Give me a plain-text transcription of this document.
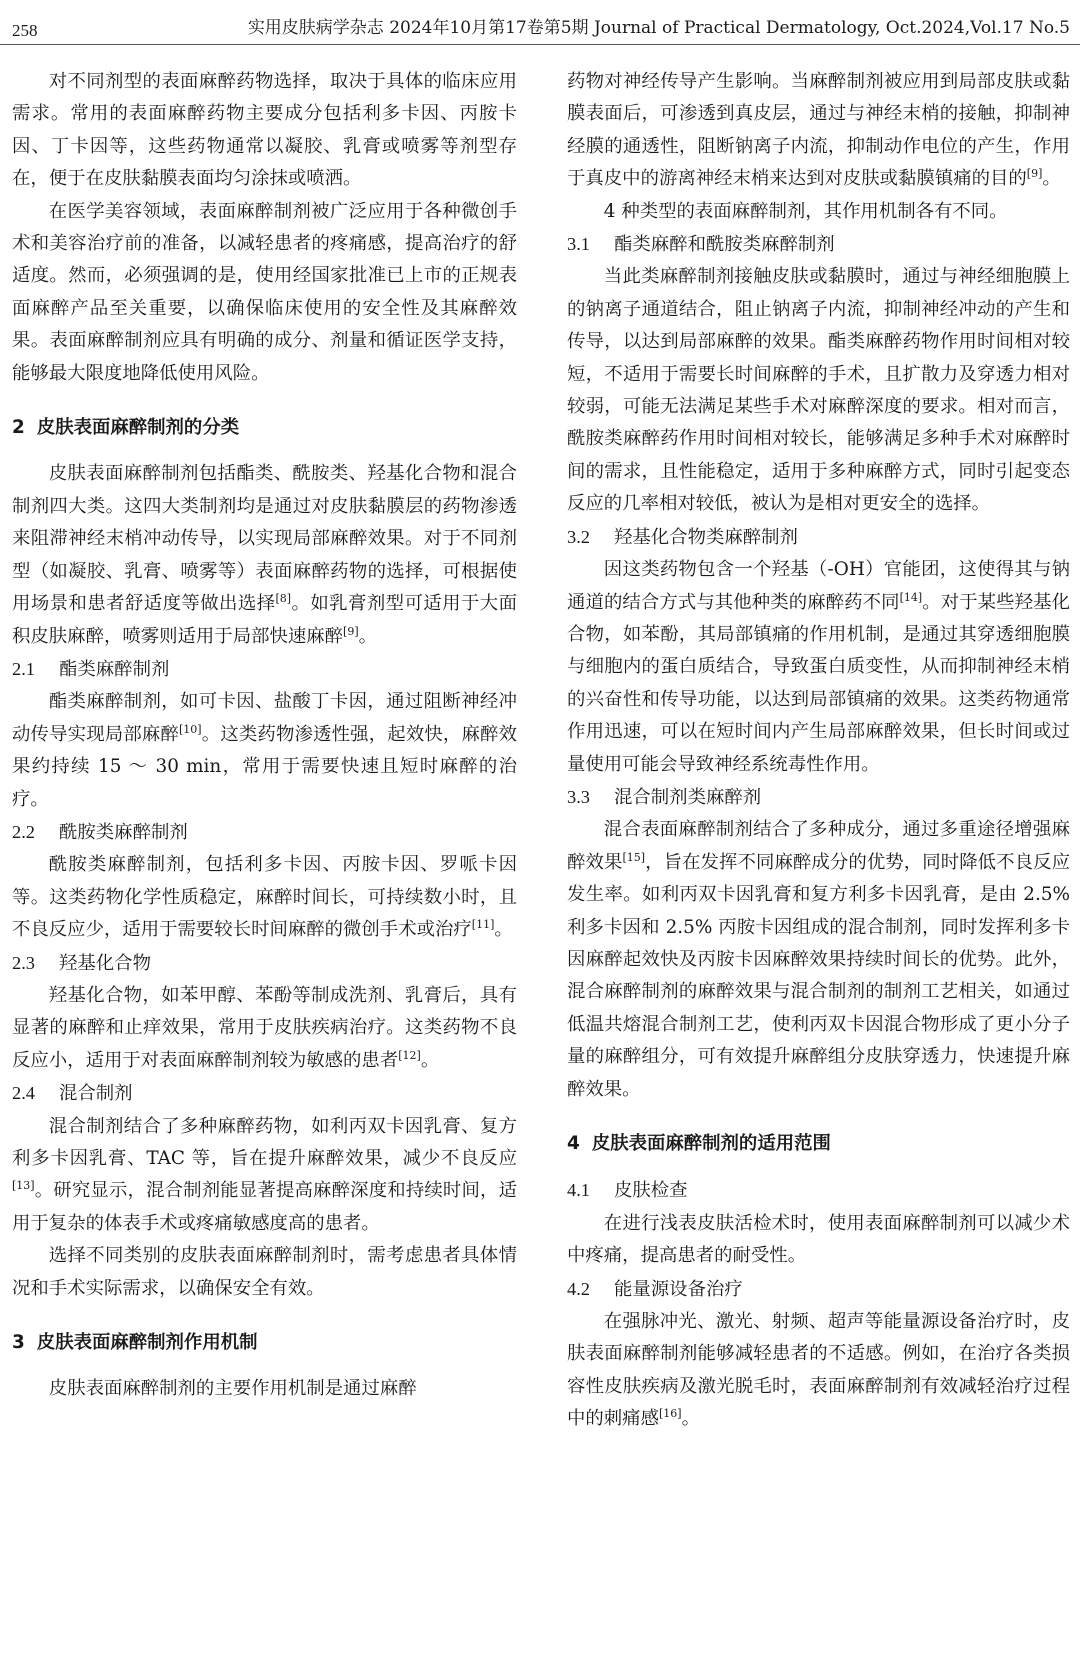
258	实用皮肤病学杂志 2024年10月第17卷第5期 Journal of Practical Dermatology, Oct.2024,Vol.17 No.5

对不同剂型的表面麻醉药物选择，取决于具体的临床应用需求。常用的表面麻醉药物主要成分包括利多卡因、丙胺卡因、丁卡因等，这些药物通常以凝胶、乳膏或喷雾等剂型存在，便于在皮肤黏膜表面均匀涂抹或喷洒。

在医学美容领域，表面麻醉制剂被广泛应用于各种微创手术和美容治疗前的准备，以减轻患者的疼痛感，提高治疗的舒适度。然而，必须强调的是，使用经国家批准已上市的正规表面麻醉产品至关重要，以确保临床使用的安全性及其麻醉效果。表面麻醉制剂应具有明确的成分、剂量和循证医学支持，能够最大限度地降低使用风险。

2 皮肤表面麻醉制剂的分类

皮肤表面麻醉制剂包括酯类、酰胺类、羟基化合物和混合制剂四大类。这四大类制剂均是通过对皮肤黏膜层的药物渗透来阻滞神经末梢冲动传导，以实现局部麻醉效果。对于不同剂型（如凝胶、乳膏、喷雾等）表面麻醉药物的选择，可根据使用场景和患者舒适度等做出选择[8]。如乳膏剂型可适用于大面积皮肤麻醉，喷雾则适用于局部快速麻醉[9]。

2.1 酯类麻醉制剂

酯类麻醉制剂，如可卡因、盐酸丁卡因，通过阻断神经冲动传导实现局部麻醉[10]。这类药物渗透性强，起效快，麻醉效果约持续 15 ～ 30 min，常用于需要快速且短时麻醉的治疗。

2.2 酰胺类麻醉制剂

酰胺类麻醉制剂，包括利多卡因、丙胺卡因、罗哌卡因等。这类药物化学性质稳定，麻醉时间长，可持续数小时，且不良反应少，适用于需要较长时间麻醉的微创手术或治疗[11]。

2.3 羟基化合物

羟基化合物，如苯甲醇、苯酚等制成洗剂、乳膏后，具有显著的麻醉和止痒效果，常用于皮肤疾病治疗。这类药物不良反应小，适用于对表面麻醉制剂较为敏感的患者[12]。

2.4 混合制剂

混合制剂结合了多种麻醉药物，如利丙双卡因乳膏、复方利多卡因乳膏、TAC 等，旨在提升麻醉效果，减少不良反应[13]。研究显示，混合制剂能显著提高麻醉深度和持续时间，适用于复杂的体表手术或疼痛敏感度高的患者。

选择不同类别的皮肤表面麻醉制剂时，需考虑患者具体情况和手术实际需求，以确保安全有效。

3 皮肤表面麻醉制剂作用机制

皮肤表面麻醉制剂的主要作用机制是通过麻醉

药物对神经传导产生影响。当麻醉制剂被应用到局部皮肤或黏膜表面后，可渗透到真皮层，通过与神经末梢的接触，抑制神经膜的通透性，阻断钠离子内流，抑制动作电位的产生，作用于真皮中的游离神经末梢来达到对皮肤或黏膜镇痛的目的[9]。

4 种类型的表面麻醉制剂，其作用机制各有不同。

3.1 酯类麻醉和酰胺类麻醉制剂

当此类麻醉制剂接触皮肤或黏膜时，通过与神经细胞膜上的钠离子通道结合，阻止钠离子内流，抑制神经冲动的产生和传导，以达到局部麻醉的效果。酯类麻醉药物作用时间相对较短，不适用于需要长时间麻醉的手术，且扩散力及穿透力相对较弱，可能无法满足某些手术对麻醉深度的要求。相对而言，酰胺类麻醉药作用时间相对较长，能够满足多种手术对麻醉时间的需求，且性能稳定，适用于多种麻醉方式，同时引起变态反应的几率相对较低，被认为是相对更安全的选择。

3.2 羟基化合物类麻醉制剂

因这类药物包含一个羟基（-OH）官能团，这使得其与钠通道的结合方式与其他种类的麻醉药不同[14]。对于某些羟基化合物，如苯酚，其局部镇痛的作用机制，是通过其穿透细胞膜与细胞内的蛋白质结合，导致蛋白质变性，从而抑制神经末梢的兴奋性和传导功能，以达到局部镇痛的效果。这类药物通常作用迅速，可以在短时间内产生局部麻醉效果，但长时间或过量使用可能会导致神经系统毒性作用。

3.3 混合制剂类麻醉剂

混合表面麻醉制剂结合了多种成分，通过多重途径增强麻醉效果[15]，旨在发挥不同麻醉成分的优势，同时降低不良反应发生率。如利丙双卡因乳膏和复方利多卡因乳膏，是由 2.5% 利多卡因和 2.5% 丙胺卡因组成的混合制剂，同时发挥利多卡因麻醉起效快及丙胺卡因麻醉效果持续时间长的优势。此外，混合麻醉制剂的麻醉效果与混合制剂的制剂工艺相关，如通过低温共熔混合制剂工艺，使利丙双卡因混合物形成了更小分子量的麻醉组分，可有效提升麻醉组分皮肤穿透力，快速提升麻醉效果。

4 皮肤表面麻醉制剂的适用范围

4.1 皮肤检查

在进行浅表皮肤活检术时，使用表面麻醉制剂可以减少术中疼痛，提高患者的耐受性。

4.2 能量源设备治疗

在强脉冲光、激光、射频、超声等能量源设备治疗时，皮肤表面麻醉制剂能够减轻患者的不适感。例如，在治疗各类损容性皮肤疾病及激光脱毛时，表面麻醉制剂有效减轻治疗过程中的刺痛感[16]。
